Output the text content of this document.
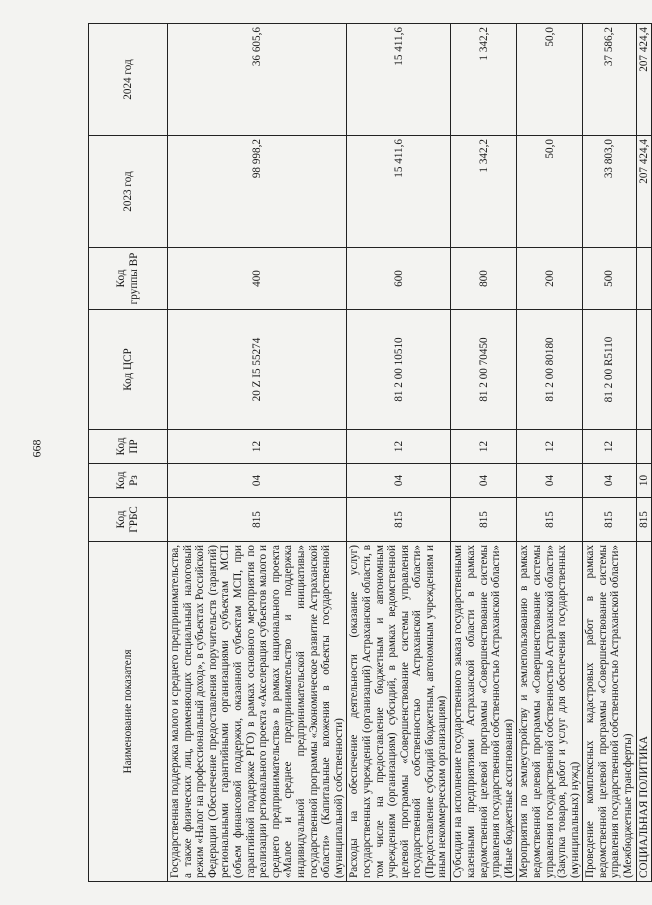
668
Наименование показателя	Код ГРБС	Код Рз	Код ПР	Код ЦСР	Код группы ВР	2023 год	2024 год
Государственная поддержка малого и среднего предпринимательства, а также физических лиц, применяющих специальный налоговый режим «Налог на профессиональный доход», в субъектах Российской Федерации (Обеспечение предоставления поручительств (гарантий) региональными гарантийными организациями субъектам МСП (объем финансовой поддержки, оказанной субъектам МСП, при гарантийной поддержке РГО) в рамках основного мероприятия по реализации регионального проекта «Акселерация субъектов малого и среднего предпринимательства» в рамках национального проекта «Малое и среднее предпринимательство и поддержка индивидуальной предпринимательской инициативы» государственной программы «Экономическое развитие Астраханской области» (Капитальные вложения в объекты государственной (муниципальной) собственности)	815	04	12	20 Z I5 55274	400	98 998,2	36 605,6
Расходы на обеспечение деятельности (оказание услуг) государственных учреждений (организаций) Астраханской области, в том числе на предоставление бюджетным и автономным учреждениям (организациям) субсидий, в рамках ведомственной целевой программы «Совершенствование системы управления государственной собственностью Астраханской области» (Предоставление субсидий бюджетным, автономным учреждениям и иным некоммерческим организациям)	815	04	12	81 2 00 10510	600	15 411,6	15 411,6
Субсидии на исполнение государственного заказа государственными казенными предприятиями Астраханской области в рамках ведомственной целевой программы «Совершенствование системы управления государственной собственностью Астраханской области» (Иные бюджетные ассигнования)	815	04	12	81 2 00 70450	800	1 342,2	1 342,2
Мероприятия по землеустройству и землепользованию в рамках ведомственной целевой программы «Совершенствование системы управления государственной собственностью Астраханской области» (Закупка товаров, работ и услуг для обеспечения государственных (муниципальных) нужд)	815	04	12	81 2 00 80180	200	50,0	50,0
Проведение комплексных кадастровых работ в рамках ведомственной целевой программы «Совершенствование системы управления государственной собственностью Астраханской области» (Межбюджетные трансферты)	815	04	12	81 2 00 R5110	500	33 803,0	37 586,2
СОЦИАЛЬНАЯ ПОЛИТИКА	815	10				207 424,4	207 424,4
